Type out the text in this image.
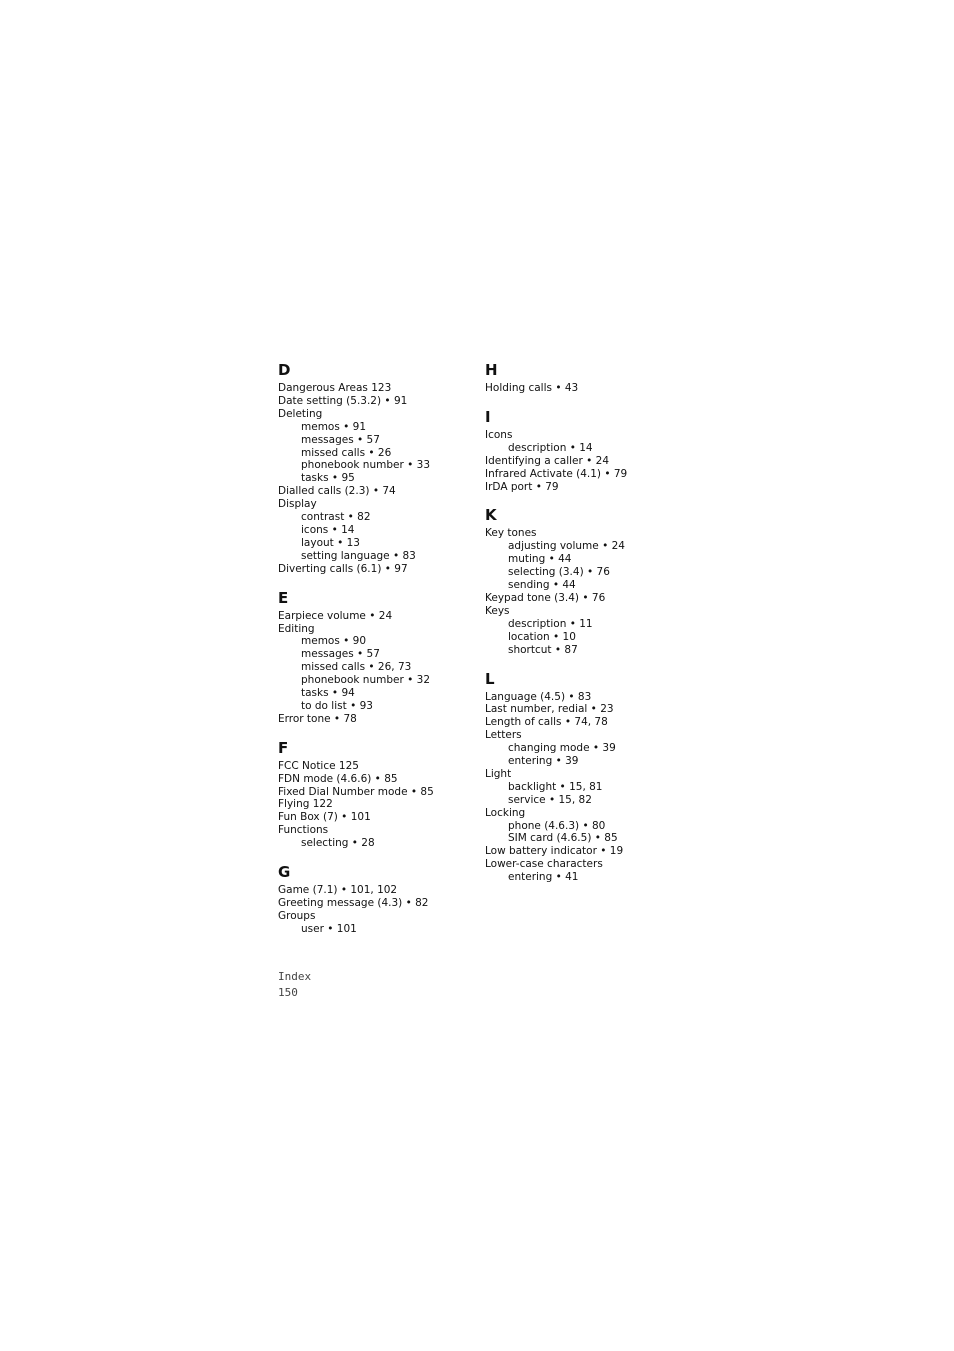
D
Dangerous Areas 123
Date setting (5.3.2) • 91
Deleting
memos • 91
messages • 57
missed calls • 26
phonebook number • 33
tasks • 95
Dialled calls (2.3) • 74
Display
contrast • 82
icons • 14
layout • 13
setting language • 83
Diverting calls (6.1) • 97
E
Earpiece volume • 24
Editing
memos • 90
messages • 57
missed calls • 26, 73
phonebook number • 32
tasks • 94
to do list • 93
Error tone • 78
F
FCC Notice 125
FDN mode (4.6.6) • 85
Fixed Dial Number mode • 85
Flying 122
Fun Box (7) • 101
Functions
selecting • 28
G
Game (7.1) • 101, 102
Greeting message (4.3) • 82
Groups
user • 101
H
Holding calls • 43
I
Icons
description • 14
Identifying a caller • 24
Infrared Activate (4.1) • 79
IrDA port • 79
K
Key tones
adjusting volume • 24
muting • 44
selecting (3.4) • 76
sending • 44
Keypad tone (3.4) • 76
Keys
description • 11
location • 10
shortcut • 87
L
Language (4.5) • 83
Last number, redial • 23
Length of calls • 74, 78
Letters
changing mode • 39
entering • 39
Light
backlight • 15, 81
service • 15, 82
Locking
phone (4.6.3) • 80
SIM card (4.6.5) • 85
Low battery indicator • 19
Lower-case characters
entering • 41
Index
150
